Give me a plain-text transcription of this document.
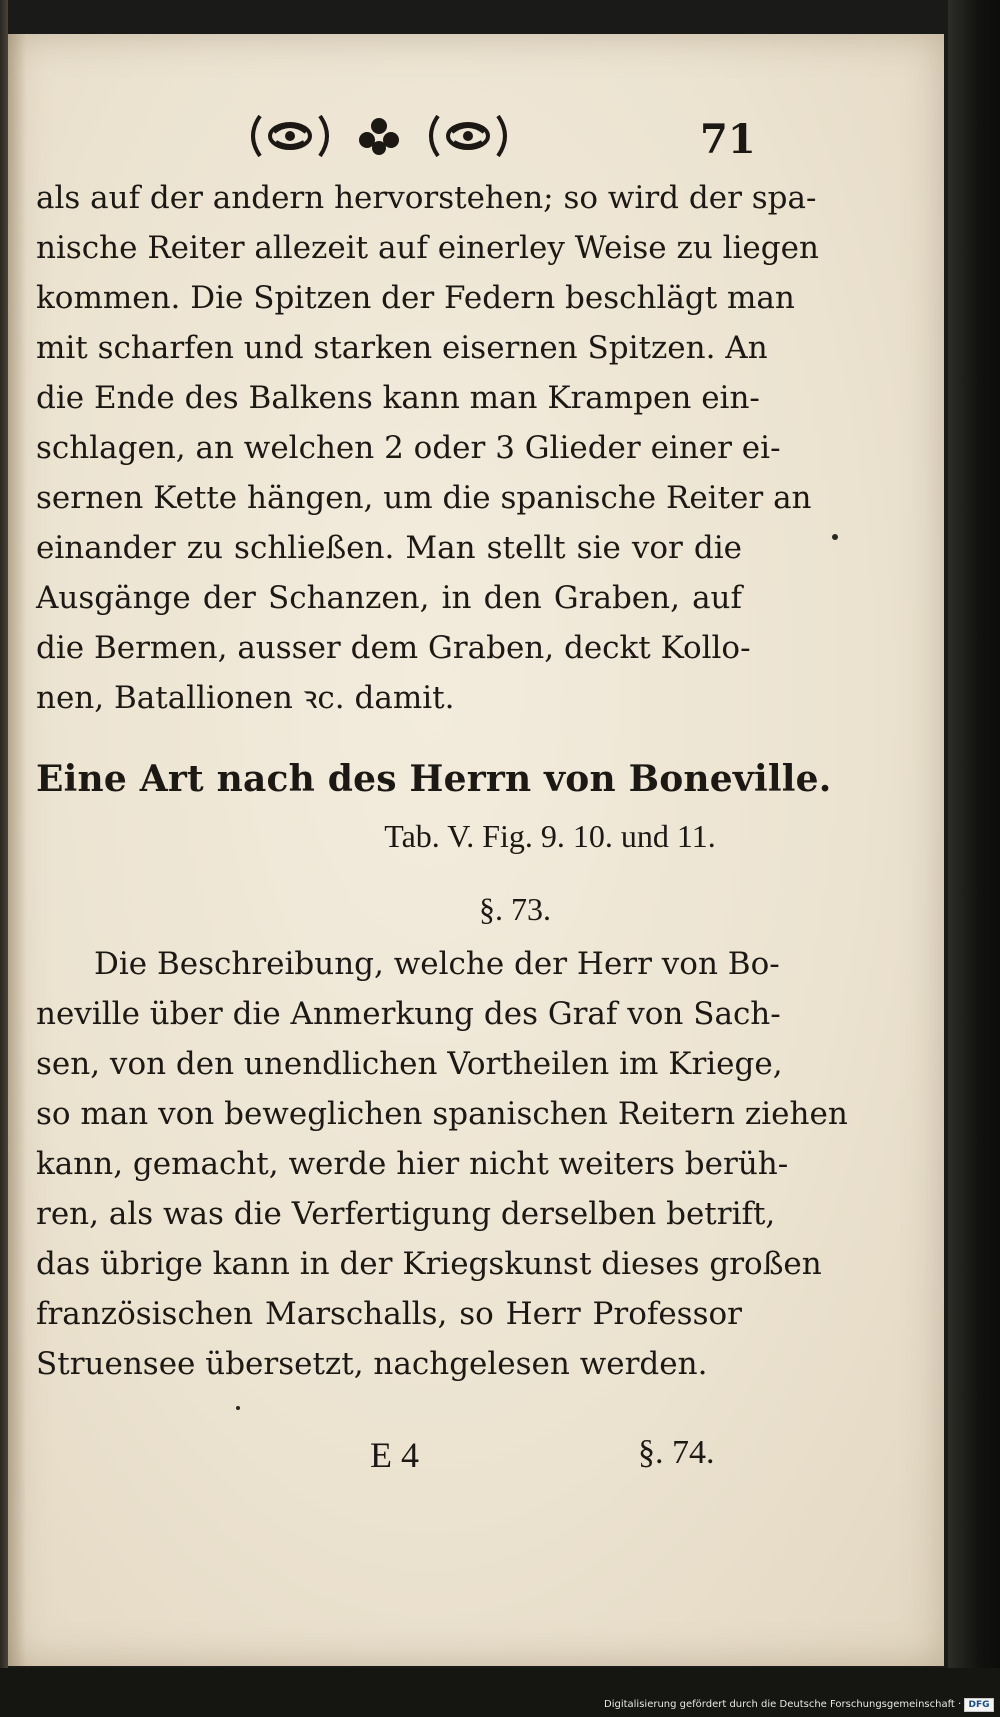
71
als auf der andern hervorstehen; so wird der spa-
nische Reiter allezeit auf einerley Weise zu liegen
kommen. Die Spitzen der Federn beschlägt man
mit scharfen und starken eisernen Spitzen. An
die Ende des Balkens kann man Krampen ein-
schlagen, an welchen 2 oder 3 Glieder einer ei-
sernen Kette hängen, um die spanische Reiter an
einander zu schließen. Man stellt sie vor die
Ausgänge der Schanzen, in den Graben, auf
die Bermen, ausser dem Graben, deckt Kollo-
nen, Batallionen ꝛc. damit.
Eine Art nach des Herrn von Boneville.
Tab. V. Fig. 9. 10. und 11.
§. 73.
Die Beschreibung, welche der Herr von Bo-
neville über die Anmerkung des Graf von Sach-
sen, von den unendlichen Vortheilen im Kriege,
so man von beweglichen spanischen Reitern ziehen
kann, gemacht, werde hier nicht weiters berüh-
ren, als was die Verfertigung derselben betrift,
das übrige kann in der Kriegskunst dieses großen
französischen Marschalls, so Herr Professor
Struensee übersetzt, nachgelesen werden.
E 4	§. 74.
Digitalisierung gefördert durch die Deutsche Forschungsgemeinschaft · DFG
